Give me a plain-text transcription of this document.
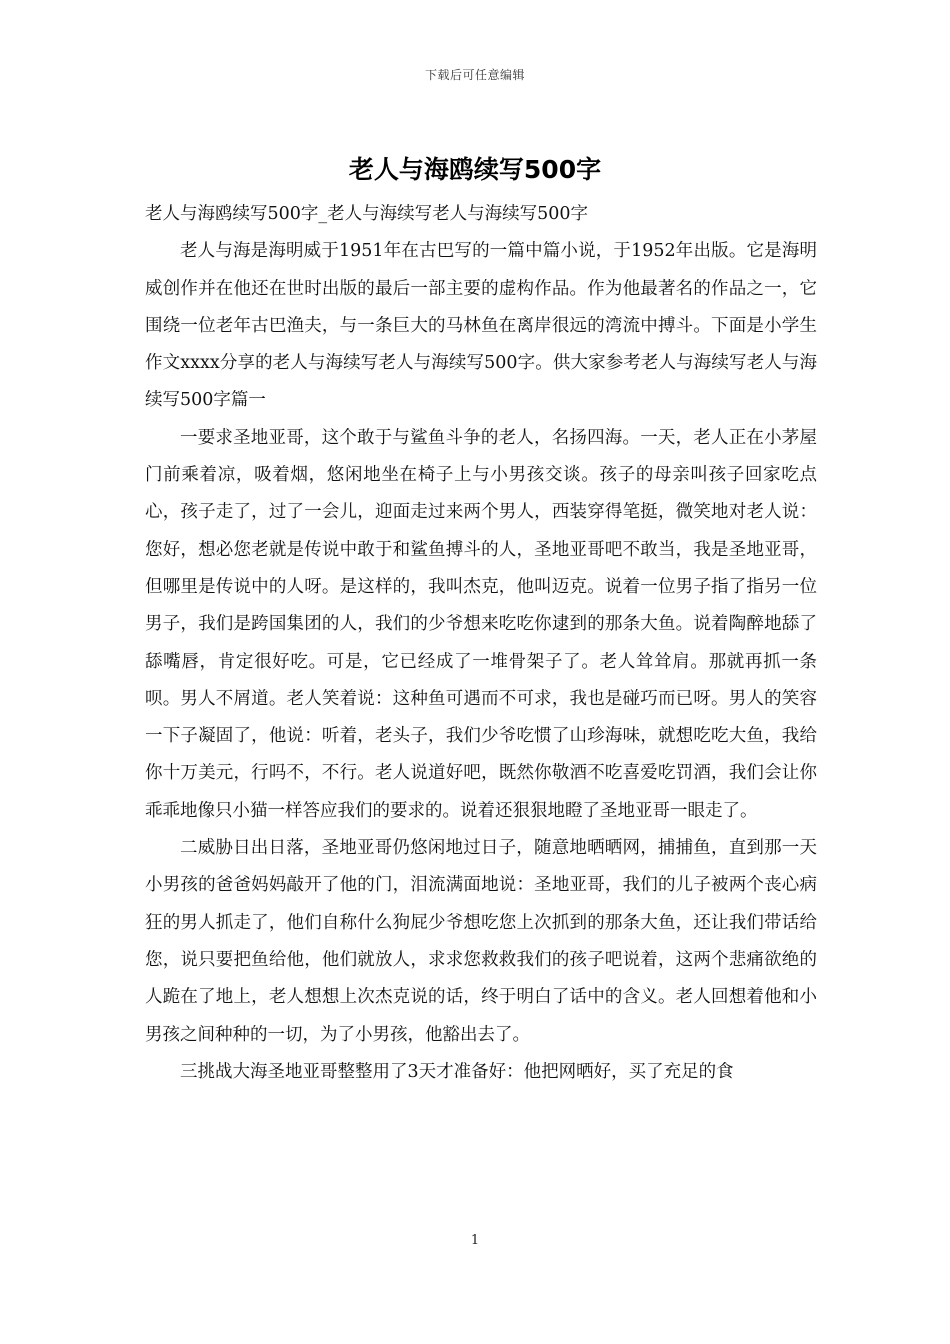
下载后可任意编辑
老人与海鸥续写500字

老人与海鸥续写500字_老人与海续写老人与海续写500字

老人与海是海明威于1951年在古巴写的一篇中篇小说，于1952年出版。它是海明威创作并在他还在世时出版的最后一部主要的虚构作品。作为他最著名的作品之一，它围绕一位老年古巴渔夫，与一条巨大的马林鱼在离岸很远的湾流中搏斗。下面是小学生作文xxxx分享的老人与海续写老人与海续写500字。供大家参考老人与海续写老人与海续写500字篇一

一要求圣地亚哥，这个敢于与鲨鱼斗争的老人，名扬四海。一天，老人正在小茅屋门前乘着凉，吸着烟，悠闲地坐在椅子上与小男孩交谈。孩子的母亲叫孩子回家吃点心，孩子走了，过了一会儿，迎面走过来两个男人，西装穿得笔挺，微笑地对老人说：您好，想必您老就是传说中敢于和鲨鱼搏斗的人，圣地亚哥吧不敢当，我是圣地亚哥，但哪里是传说中的人呀。是这样的，我叫杰克，他叫迈克。说着一位男子指了指另一位男子，我们是跨国集团的人，我们的少爷想来吃吃你逮到的那条大鱼。说着陶醉地舔了舔嘴唇，肯定很好吃。可是，它已经成了一堆骨架子了。老人耸耸肩。那就再抓一条呗。男人不屑道。老人笑着说：这种鱼可遇而不可求，我也是碰巧而已呀。男人的笑容一下子凝固了，他说：听着，老头子，我们少爷吃惯了山珍海味，就想吃吃大鱼，我给你十万美元，行吗不，不行。老人说道好吧，既然你敬酒不吃喜爱吃罚酒，我们会让你乖乖地像只小猫一样答应我们的要求的。说着还狠狠地瞪了圣地亚哥一眼走了。

二威胁日出日落，圣地亚哥仍悠闲地过日子，随意地晒晒网，捕捕鱼，直到那一天小男孩的爸爸妈妈敲开了他的门，泪流满面地说：圣地亚哥，我们的儿子被两个丧心病狂的男人抓走了，他们自称什么狗屁少爷想吃您上次抓到的那条大鱼，还让我们带话给您，说只要把鱼给他，他们就放人，求求您救救我们的孩子吧说着，这两个悲痛欲绝的人跪在了地上，老人想想上次杰克说的话，终于明白了话中的含义。老人回想着他和小男孩之间种种的一切，为了小男孩，他豁出去了。

三挑战大海圣地亚哥整整用了3天才准备好：他把网晒好，买了充足的食

1
